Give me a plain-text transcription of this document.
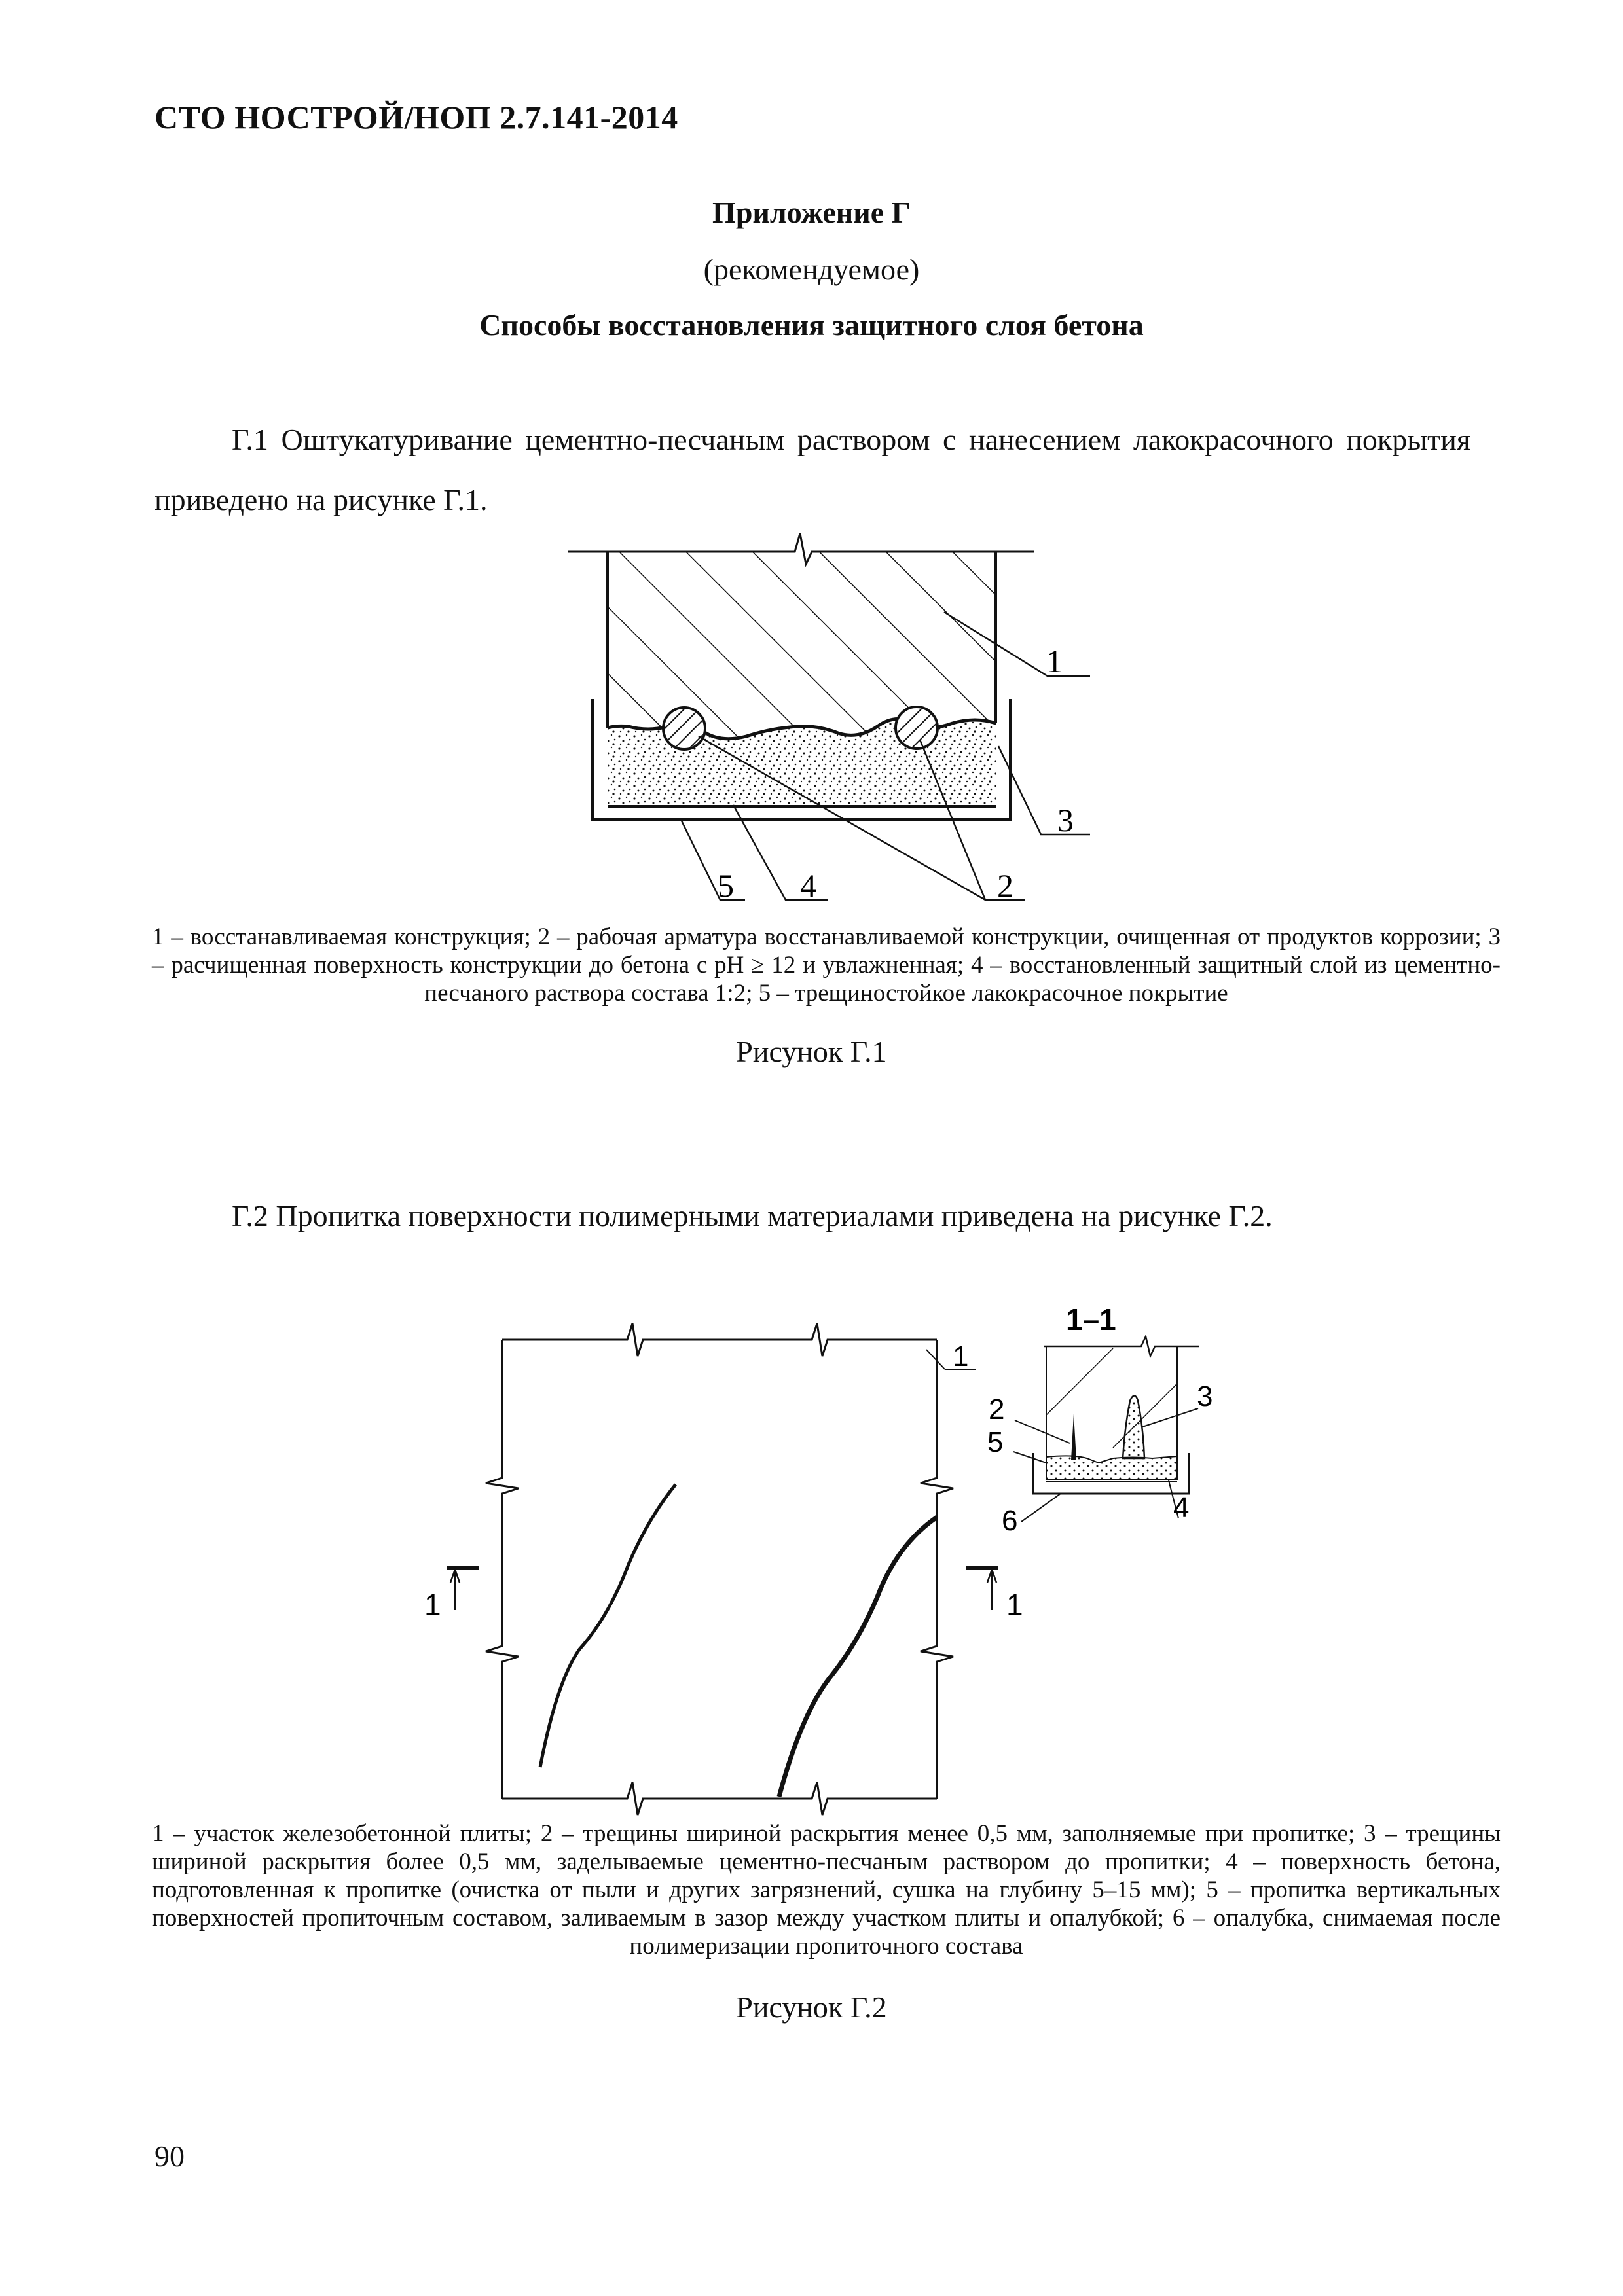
СТО НОСТРОЙ/НОП 2.7.141-2014
Приложение Г
(рекомендуемое)
Способы восстановления защитного слоя бетона

Г.1 Оштукатуривание цементно-песчаным раствором с нанесением лакокрасочного покрытия приведено на рисунке Г.1.

1
2
3
4
5

1 – восстанавливаемая конструкция; 2 – рабочая арматура восстанавливаемой конструкции, очищенная от продуктов коррозии; 3 – расчищенная поверхность конструкции до бетона с рН ≥ 12 и увлажненная; 4 – восстановленный защитный слой из цементно-песчаного раствора состава 1:2; 5 – трещиностойкое лакокрасочное покрытие

Рисунок Г.1

Г.2 Пропитка поверхности полимерными материалами приведена на рисунке Г.2.

1	1
1
1–1
2	3
4
5
6

1 – участок железобетонной плиты; 2 – трещины шириной раскрытия менее 0,5 мм, заполняемые при пропитке; 3 – трещины шириной раскрытия более 0,5 мм, заделываемые цементно-песчаным раствором до пропитки; 4 – поверхность бетона, подготовленная к пропитке (очистка от пыли и других загрязнений, сушка на глубину 5–15 мм); 5 – пропитка вертикальных поверхностей пропиточным составом, заливаемым в зазор между участком плиты и опалубкой; 6 – опалубка, снимаемая после полимеризации пропиточного состава

Рисунок Г.2
90
